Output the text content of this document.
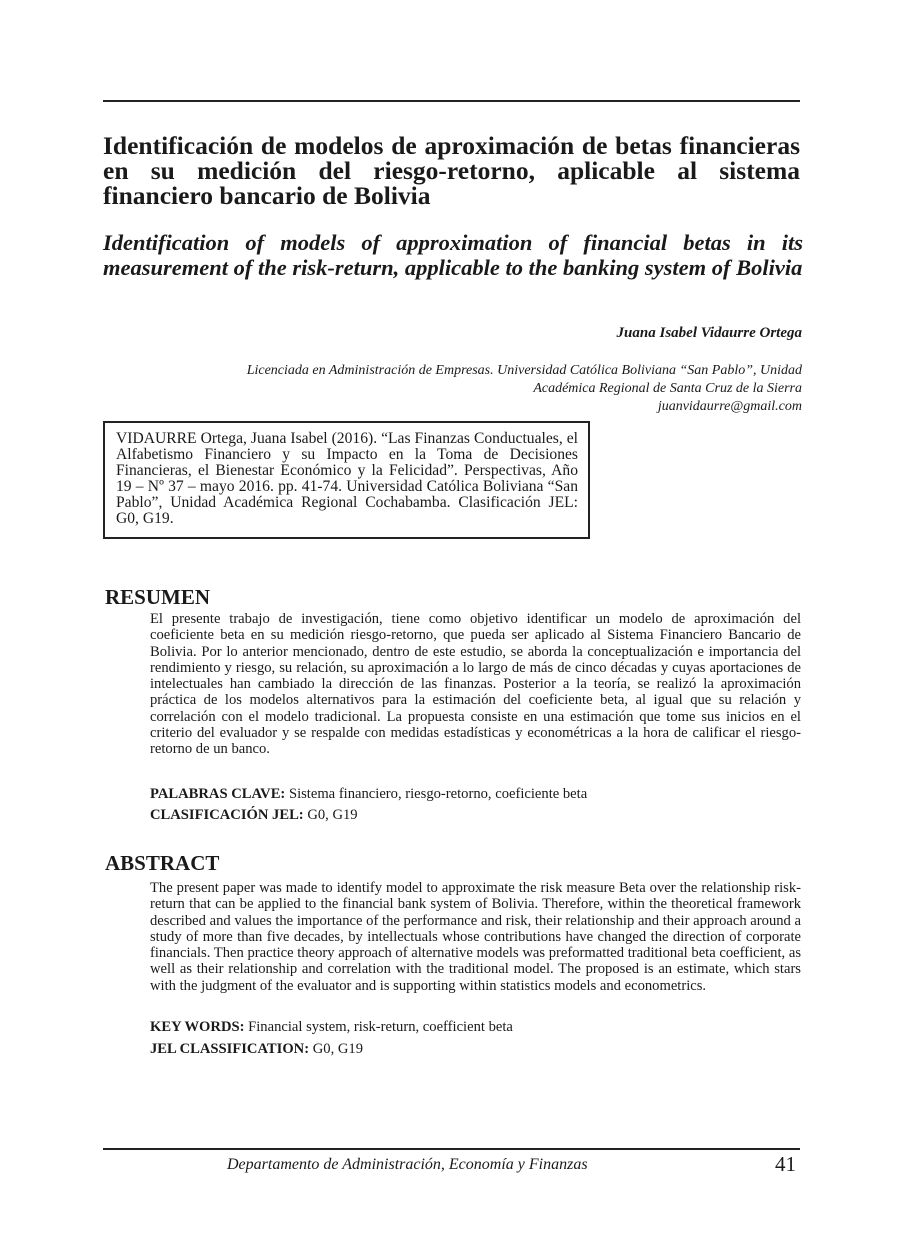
Identificación de modelos de aproximación de betas financieras en su medición del riesgo-retorno, aplicable al sistema financiero bancario de Bolivia
Identification of models of approximation of financial betas in its measurement of the risk-return, applicable to the banking system of Bolivia

Juana Isabel Vidaurre Ortega

Licenciada en Administración de Empresas. Universidad Católica Boliviana “San Pablo”, Unidad
Académica Regional de Santa Cruz de la Sierra
juanvidaurre@gmail.com
VIDAURRE Ortega, Juana Isabel (2016). “Las Finanzas Conductuales, el Alfabetismo Financiero y su Impacto en la Toma de Decisiones Financieras, el Bienestar Económico y la Felicidad”. Perspectivas, Año 19 – Nº 37 – mayo 2016. pp. 41-74. Universidad Católica Boliviana “San Pablo”, Unidad Académica Regional Cochabamba. Clasificación JEL: G0, G19.
RESUMEN

El presente trabajo de investigación, tiene como objetivo identificar un modelo de aproximación del coeficiente beta en su medición riesgo-retorno, que pueda ser aplicado al Sistema Financiero Bancario de Bolivia. Por lo anterior mencionado, dentro de este estudio, se aborda la conceptualización e importancia del rendimiento y riesgo, su relación, su aproximación a lo largo de más de cinco décadas y cuyas aportaciones de intelectuales han cambiado la dirección de las finanzas. Posterior a la teoría, se realizó la aproximación práctica de los modelos alternativos para la estimación del coeficiente beta, al igual que su relación y correlación con el modelo tradicional. La propuesta consiste en una estimación que tome sus inicios en el criterio del evaluador y se respalde con medidas estadísticas y econométricas a la hora de calificar el riesgo-retorno de un banco.

PALABRAS CLAVE: Sistema financiero, riesgo-retorno, coeficiente beta

CLASIFICACIÓN JEL: G0, G19

ABSTRACT

The present paper was made to identify model to approximate the risk measure Beta over the relationship risk-return that can be applied to the financial bank system of Bolivia. Therefore, within the theoretical framework described and values the importance of the performance and risk, their relationship and their approach around a study of more than five decades, by intellectuals whose contributions have changed the direction of corporate financials. Then practice theory approach of alternative models was preformatted traditional beta coefficient, as well as their relationship and correlation with the traditional model. The proposed is an estimate, which stars with the judgment of the evaluator and is supporting within statistics models and econometrics.

KEY WORDS: Financial system, risk-return, coefficient beta

JEL CLASSIFICATION: G0, G19

Departamento de Administración, Economía y Finanzas	41
